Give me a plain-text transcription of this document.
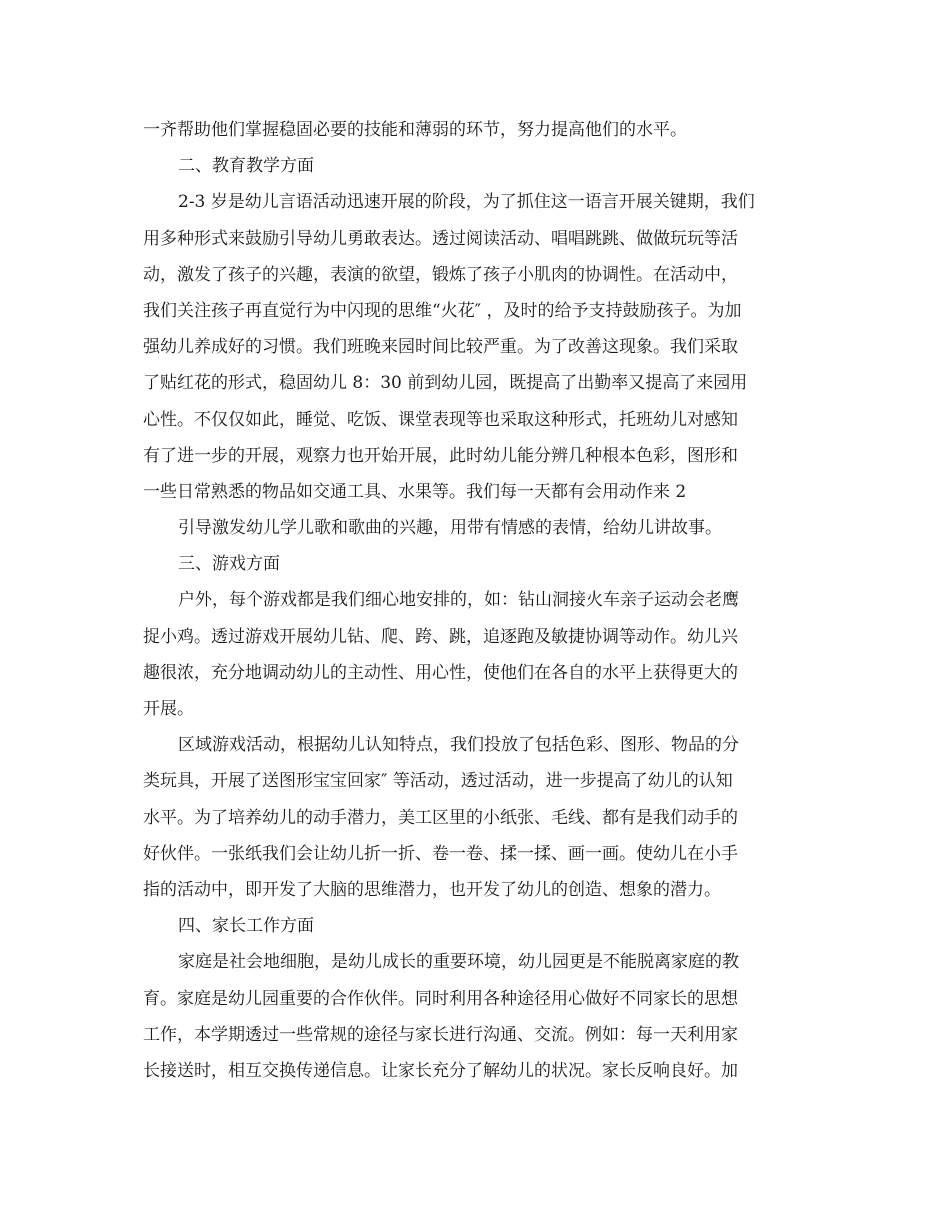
一齐帮助他们掌握稳固必要的技能和薄弱的环节，努力提高他们的水平。
二、教育教学方面
2-3 岁是幼儿言语活动迅速开展的阶段，为了抓住这一语言开展关键期，我们
用多种形式来鼓励引导幼儿勇敢表达。透过阅读活动、唱唱跳跳、做做玩玩等活
动，激发了孩子的兴趣，表演的欲望，锻炼了孩子小肌肉的协调性。在活动中，
我们关注孩子再直觉行为中闪现的思维“火花″ ，及时的给予支持鼓励孩子。为加
强幼儿养成好的习惯。我们班晚来园时间比较严重。为了改善这现象。我们采取
了贴红花的形式，稳固幼儿 8：30 前到幼儿园，既提高了出勤率又提高了来园用
心性。不仅仅如此，睡觉、吃饭、课堂表现等也采取这种形式，托班幼儿对感知
有了进一步的开展，观察力也开始开展，此时幼儿能分辨几种根本色彩，图形和
一些日常熟悉的物品如交通工具、水果等。我们每一天都有会用动作来 2
引导激发幼儿学儿歌和歌曲的兴趣，用带有情感的表情，给幼儿讲故事。
三、游戏方面
户外，每个游戏都是我们细心地安排的，如：钻山洞接火车亲子运动会老鹰
捉小鸡。透过游戏开展幼儿钻、爬、跨、跳，追逐跑及敏捷协调等动作。幼儿兴
趣很浓，充分地调动幼儿的主动性、用心性，使他们在各自的水平上获得更大的
开展。
区域游戏活动，根据幼儿认知特点，我们投放了包括色彩、图形、物品的分
类玩具，开展了送图形宝宝回家″ 等活动，透过活动，进一步提高了幼儿的认知
水平。为了培养幼儿的动手潜力，美工区里的小纸张、毛线、都有是我们动手的
好伙伴。一张纸我们会让幼儿折一折、卷一卷、揉一揉、画一画。使幼儿在小手
指的活动中，即开发了大脑的思维潜力，也开发了幼儿的创造、想象的潜力。
四、家长工作方面
家庭是社会地细胞，是幼儿成长的重要环境，幼儿园更是不能脱离家庭的教
育。家庭是幼儿园重要的合作伙伴。同时利用各种途径用心做好不同家长的思想
工作，本学期透过一些常规的途径与家长进行沟通、交流。例如：每一天利用家
长接送时，相互交换传递信息。让家长充分了解幼儿的状况。家长反响良好。加
